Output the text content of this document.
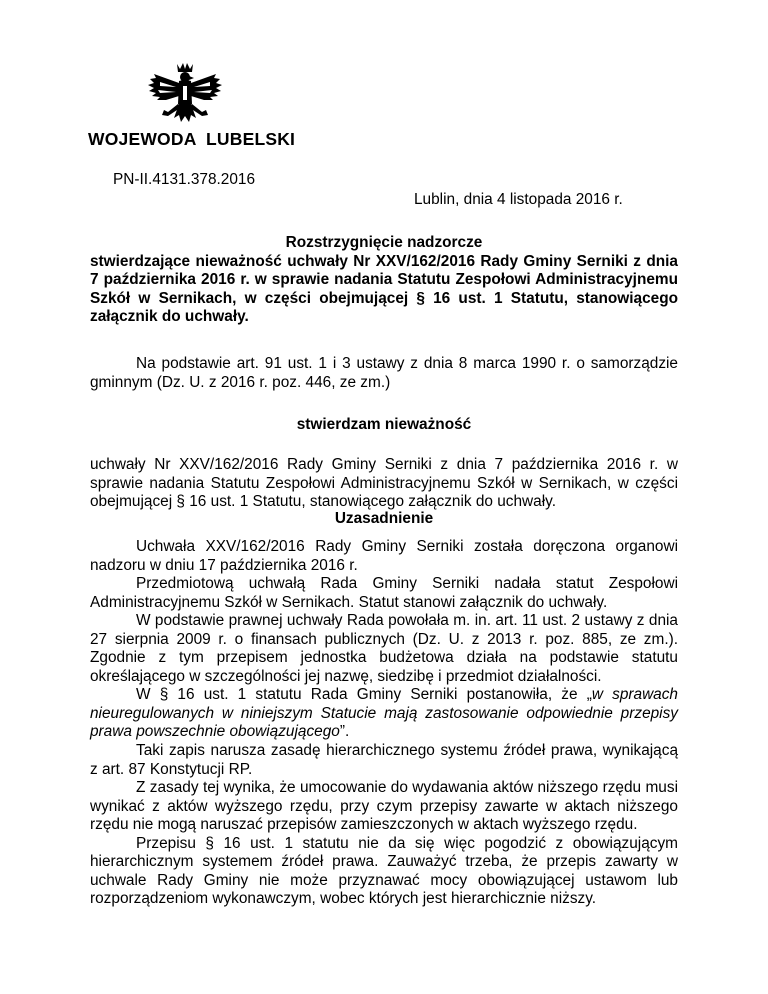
WOJEWODA  LUBELSKI
PN-II.4131.378.2016
Lublin, dnia 4 listopada 2016 r.
Rozstrzygnięcie nadzorcze
stwierdzające nieważność uchwały Nr XXV/162/2016 Rady Gminy Serniki z dnia 7 października 2016 r. w sprawie nadania Statutu Zespołowi Administracyjnemu Szkół w Sernikach, w części obejmującej § 16 ust. 1 Statutu, stanowiącego załącznik do uchwały.

Na podstawie art. 91 ust. 1 i 3 ustawy z dnia 8 marca 1990 r. o samorządzie gminnym (Dz. U. z 2016 r. poz. 446, ze zm.)

stwierdzam nieważność

uchwały Nr XXV/162/2016 Rady Gminy Serniki z dnia 7 października 2016 r. w sprawie nadania Statutu Zespołowi Administracyjnemu Szkół w Sernikach, w części obejmującej § 16 ust. 1 Statutu, stanowiącego załącznik do uchwały.

Uzasadnienie

Uchwała XXV/162/2016 Rady Gminy Serniki została doręczona organowi nadzoru w dniu 17 października 2016 r.

Przedmiotową uchwałą Rada Gminy Serniki nadała statut Zespołowi Administracyjnemu Szkół w Sernikach. Statut stanowi załącznik do uchwały.

W podstawie prawnej uchwały Rada powołała m. in. art. 11 ust. 2 ustawy z dnia 27 sierpnia 2009 r. o finansach publicznych (Dz. U. z 2013 r. poz. 885, ze zm.). Zgodnie z tym przepisem jednostka budżetowa działa na podstawie statutu określającego w szczególności jej nazwę, siedzibę i przedmiot działalności.

W § 16 ust. 1 statutu Rada Gminy Serniki postanowiła, że „w sprawach nieuregulowanych w niniejszym Statucie mają zastosowanie odpowiednie przepisy prawa powszechnie obowiązującego”.

Taki zapis narusza zasadę hierarchicznego systemu źródeł prawa, wynikającą z art. 87 Konstytucji RP.

Z zasady tej wynika, że umocowanie do wydawania aktów niższego rzędu musi wynikać z aktów wyższego rzędu, przy czym przepisy zawarte w aktach niższego rzędu nie mogą naruszać przepisów zamieszczonych w aktach wyższego rzędu.

Przepisu § 16 ust. 1 statutu nie da się więc pogodzić z obowiązującym hierarchicznym systemem źródeł prawa. Zauważyć trzeba, że przepis zawarty w uchwale Rady Gminy nie może przyznawać mocy obowiązującej ustawom lub rozporządzeniom wykonawczym, wobec których jest hierarchicznie niższy.
